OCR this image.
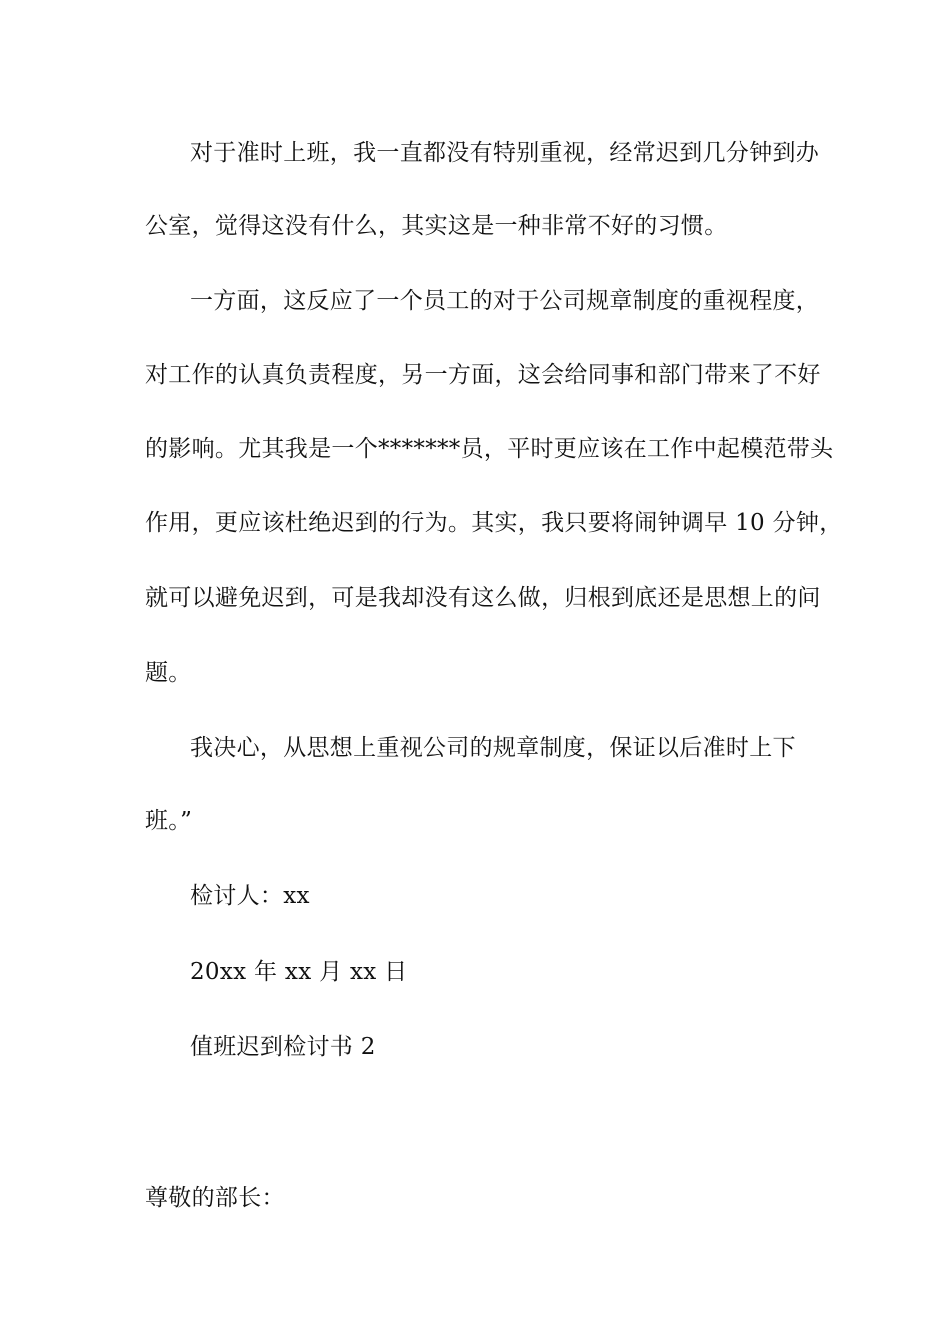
对于准时上班，我一直都没有特别重视，经常迟到几分钟到办
公室，觉得这没有什么，其实这是一种非常不好的习惯。
一方面，这反应了一个员工的对于公司规章制度的重视程度，
对工作的认真负责程度，另一方面，这会给同事和部门带来了不好
的影响。尤其我是一个*******员，平时更应该在工作中起模范带头
作用，更应该杜绝迟到的行为。其实，我只要将闹钟调早 10 分钟，
就可以避免迟到，可是我却没有这么做，归根到底还是思想上的问
题。
我决心，从思想上重视公司的规章制度，保证以后准时上下
班。”
检讨人：xx
20xx 年 xx 月 xx 日
值班迟到检讨书 2
尊敬的部长：
